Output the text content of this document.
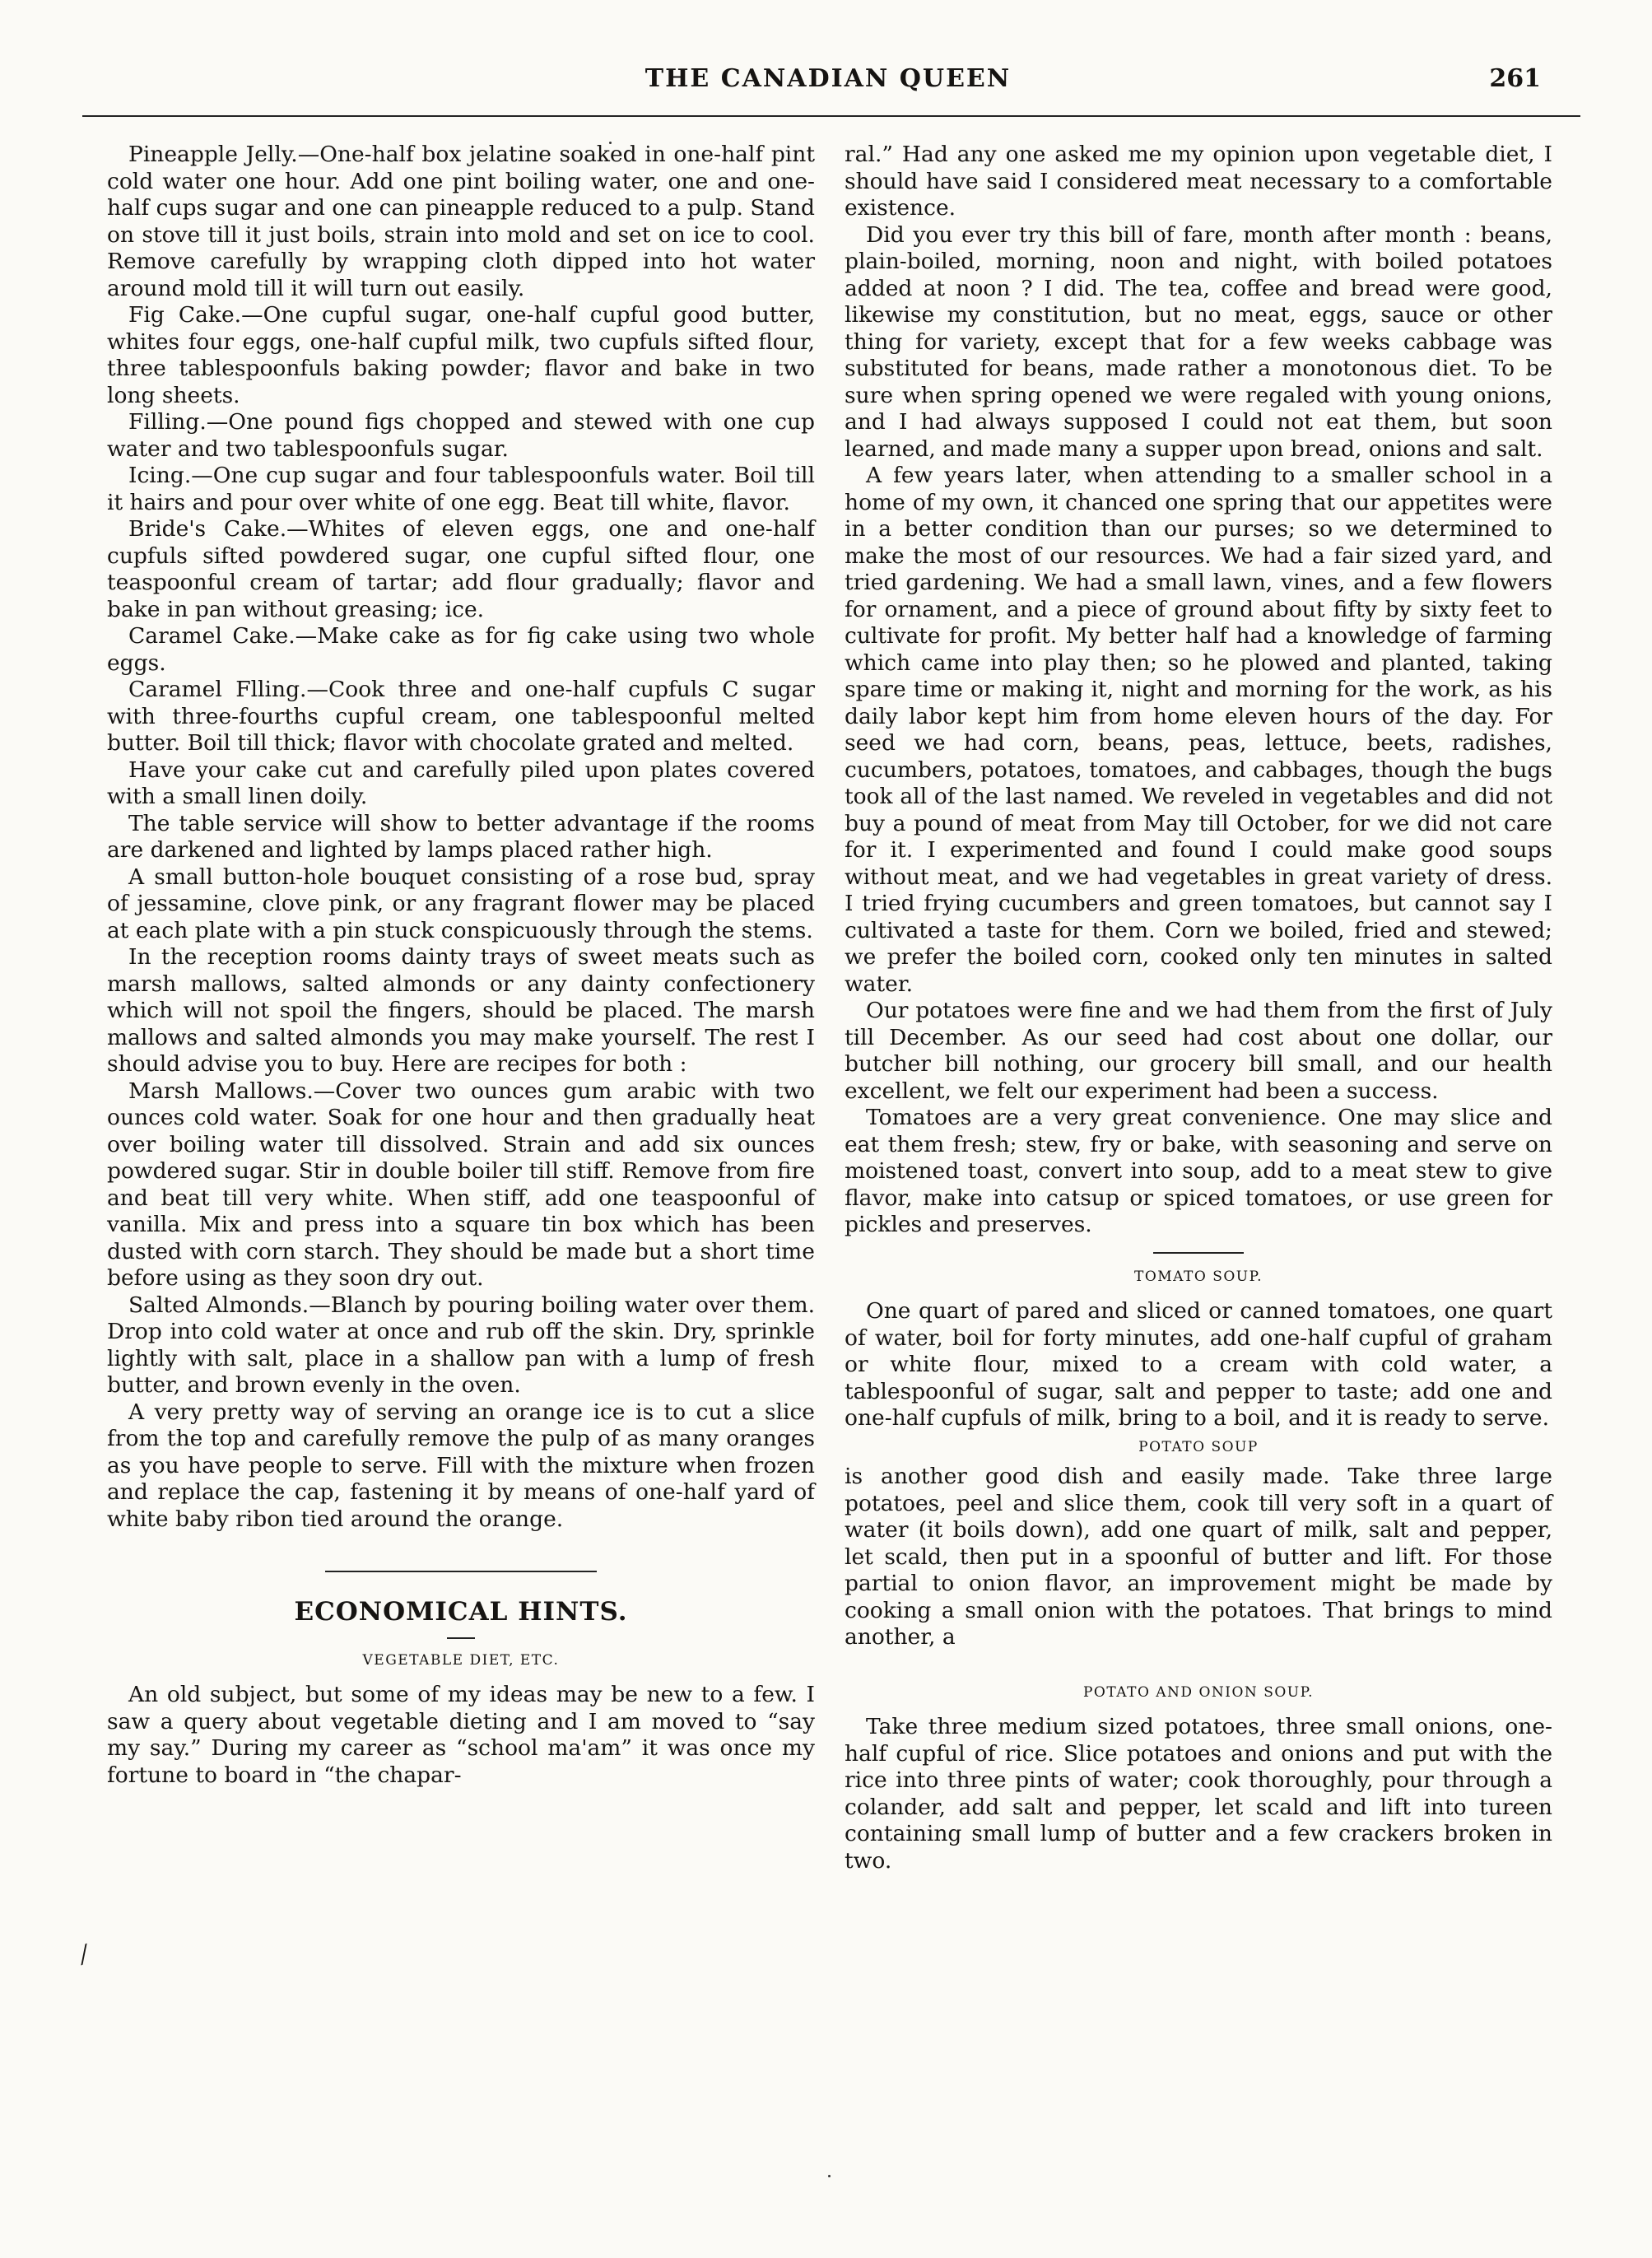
THE CANADIAN QUEEN	261

Pineapple Jelly.—One-half box jelatine soaked in one-half pint cold water one hour. Add one pint boiling water, one and one-half cups sugar and one can pineapple reduced to a pulp. Stand on stove till it just boils, strain into mold and set on ice to cool. Remove carefully by wrapping cloth dipped into hot water around mold till it will turn out easily.

Fig Cake.—One cupful sugar, one-half cupful good butter, whites four eggs, one-half cupful milk, two cupfuls sifted flour, three tablespoonfuls baking powder; flavor and bake in two long sheets.

Filling.—One pound figs chopped and stewed with one cup water and two tablespoonfuls sugar.

Icing.—One cup sugar and four tablespoonfuls water. Boil till it hairs and pour over white of one egg. Beat till white, flavor.

Bride's Cake.—Whites of eleven eggs, one and one-half cupfuls sifted powdered sugar, one cupful sifted flour, one teaspoonful cream of tartar; add flour gradually; flavor and bake in pan without greasing; ice.

Caramel Cake.—Make cake as for fig cake using two whole eggs.

Caramel Flling.—Cook three and one-half cupfuls C sugar with three-fourths cupful cream, one tablespoonful melted butter. Boil till thick; flavor with chocolate grated and melted.

Have your cake cut and carefully piled upon plates covered with a small linen doily.

The table service will show to better advantage if the rooms are darkened and lighted by lamps placed rather high.

A small button-hole bouquet consisting of a rose bud, spray of jessamine, clove pink, or any fragrant flower may be placed at each plate with a pin stuck conspicuously through the stems.

In the reception rooms dainty trays of sweet meats such as marsh mallows, salted almonds or any dainty confectionery which will not spoil the fingers, should be placed. The marsh mallows and salted almonds you may make yourself. The rest I should advise you to buy. Here are recipes for both :

Marsh Mallows.—Cover two ounces gum arabic with two ounces cold water. Soak for one hour and then gradually heat over boiling water till dissolved. Strain and add six ounces powdered sugar. Stir in double boiler till stiff. Remove from fire and beat till very white. When stiff, add one teaspoonful of vanilla. Mix and press into a square tin box which has been dusted with corn starch. They should be made but a short time before using as they soon dry out.

Salted Almonds.—Blanch by pouring boiling water over them. Drop into cold water at once and rub off the skin. Dry, sprinkle lightly with salt, place in a shallow pan with a lump of fresh butter, and brown evenly in the oven.

A very pretty way of serving an orange ice is to cut a slice from the top and carefully remove the pulp of as many oranges as you have people to serve. Fill with the mixture when frozen and replace the cap, fastening it by means of one-half yard of white baby ribon tied around the orange.

ECONOMICAL HINTS.
VEGETABLE DIET, ETC.

An old subject, but some of my ideas may be new to a few. I saw a query about vegetable dieting and I am moved to “say my say.” During my career as “school ma'am” it was once my fortune to board in “the chapar-

⁄

ral.” Had any one asked me my opinion upon vegetable diet, I should have said I considered meat necessary to a comfortable existence.

Did you ever try this bill of fare, month after month : beans, plain-boiled, morning, noon and night, with boiled potatoes added at noon ? I did. The tea, coffee and bread were good, likewise my constitution, but no meat, eggs, sauce or other thing for variety, except that for a few weeks cabbage was substituted for beans, made rather a monotonous diet. To be sure when spring opened we were regaled with young onions, and I had always supposed I could not eat them, but soon learned, and made many a supper upon bread, onions and salt.

A few years later, when attending to a smaller school in a home of my own, it chanced one spring that our appetites were in a better condition than our purses; so we determined to make the most of our resources. We had a fair sized yard, and tried gardening. We had a small lawn, vines, and a few flowers for ornament, and a piece of ground about fifty by sixty feet to cultivate for profit. My better half had a knowledge of farming which came into play then; so he plowed and planted, taking spare time or making it, night and morning for the work, as his daily labor kept him from home eleven hours of the day. For seed we had corn, beans, peas, lettuce, beets, radishes, cucumbers, potatoes, tomatoes, and cabbages, though the bugs took all of the last named. We reveled in vegetables and did not buy a pound of meat from May till October, for we did not care for it. I experimented and found I could make good soups without meat, and we had vegetables in great variety of dress. I tried frying cucumbers and green tomatoes, but cannot say I cultivated a taste for them. Corn we boiled, fried and stewed; we prefer the boiled corn, cooked only ten minutes in salted water.

Our potatoes were fine and we had them from the first of July till December. As our seed had cost about one dollar, our butcher bill nothing, our grocery bill small, and our health excellent, we felt our experiment had been a success.

Tomatoes are a very great convenience. One may slice and eat them fresh; stew, fry or bake, with seasoning and serve on moistened toast, convert into soup, add to a meat stew to give flavor, make into catsup or spiced tomatoes, or use green for pickles and preserves.

TOMATO SOUP.

One quart of pared and sliced or canned tomatoes, one quart of water, boil for forty minutes, add one-half cupful of graham or white flour, mixed to a cream with cold water, a tablespoonful of sugar, salt and pepper to taste; add one and one-half cupfuls of milk, bring to a boil, and it is ready to serve.

POTATO SOUP

is another good dish and easily made. Take three large potatoes, peel and slice them, cook till very soft in a quart of water (it boils down), add one quart of milk, salt and pepper, let scald, then put in a spoonful of butter and lift. For those partial to onion flavor, an improvement might be made by cooking a small onion with the potatoes. That brings to mind another, a

POTATO AND ONION SOUP.

Take three medium sized potatoes, three small onions, one-half cupful of rice. Slice potatoes and onions and put with the rice into three pints of water; cook thoroughly, pour through a colander, add salt and pepper, let scald and lift into tureen containing small lump of butter and a few crackers broken in two.
